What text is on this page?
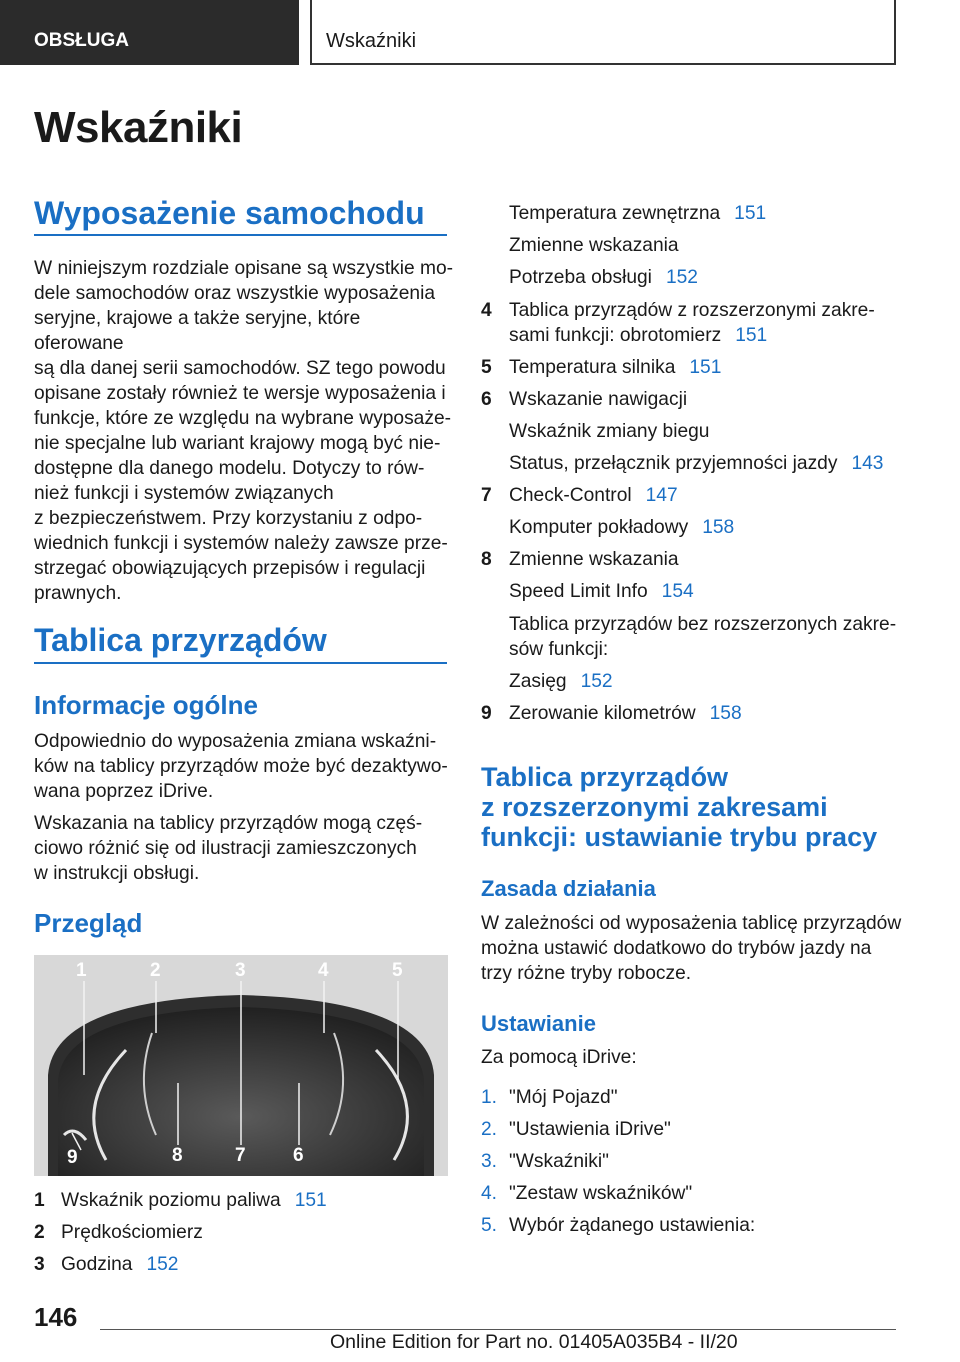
OBSŁUGA	Wskaźniki
Wskaźniki
Wyposażenie samochodu
W niniejszym rozdziale opisane są wszystkie mo-
dele samochodów oraz wszystkie wyposażenia
seryjne, krajowe a także seryjne, które oferowane
są dla danej serii samochodów. SZ tego powodu
opisane zostały również te wersje wyposażenia i
funkcje, które ze względu na wybrane wyposaże-
nie specjalne lub wariant krajowy mogą być nie-
dostępne dla danego modelu. Dotyczy to rów-
nież funkcji i systemów związanych
z bezpieczeństwem. Przy korzystaniu z odpo-
wiednich funkcji i systemów należy zawsze prze-
strzegać obowiązujących przepisów i regulacji
prawnych.
Tablica przyrządów
Informacje ogólne
Odpowiednio do wyposażenia zmiana wskaźni-
ków na tablicy przyrządów może być dezaktywo-
wana poprzez iDrive.
Wskazania na tablicy przyrządów mogą częś-
ciowo różnić się od ilustracji zamieszczonych
w instrukcji obsługi.
Przegląd
1	2	3	4	5
9	8	7 6
1 Wskaźnik poziomu paliwa 151
2 Prędkościomierz
3 Godzina 152
Temperatura zewnętrzna 151
Zmienne wskazania
Potrzeba obsługi 152
4 Tablica przyrządów z rozszerzonymi zakre-
sami funkcji: obrotomierz 151
5 Temperatura silnika 151
6 Wskazanie nawigacji
Wskaźnik zmiany biegu
Status, przełącznik przyjemności jazdy 143
7 Check-Control 147
Komputer pokładowy 158
8 Zmienne wskazania
Speed Limit Info 154
Tablica przyrządów bez rozszerzonych zakre-
sów funkcji:
Zasięg 152
9 Zerowanie kilometrów 158
Tablica przyrządów
z rozszerzonymi zakresami
funkcji: ustawianie trybu pracy
Zasada działania
W zależności od wyposażenia tablicę przyrządów
można ustawić dodatkowo do trybów jazdy na
trzy różne tryby robocze.
Ustawianie
Za pomocą iDrive:
1. "Mój Pojazd"
2. "Ustawienia iDrive"
3. "Wskaźniki"
4. "Zestaw wskaźników"
5. Wybór żądanego ustawienia:
146
Online Edition for Part no. 01405A035B4 - II/20
